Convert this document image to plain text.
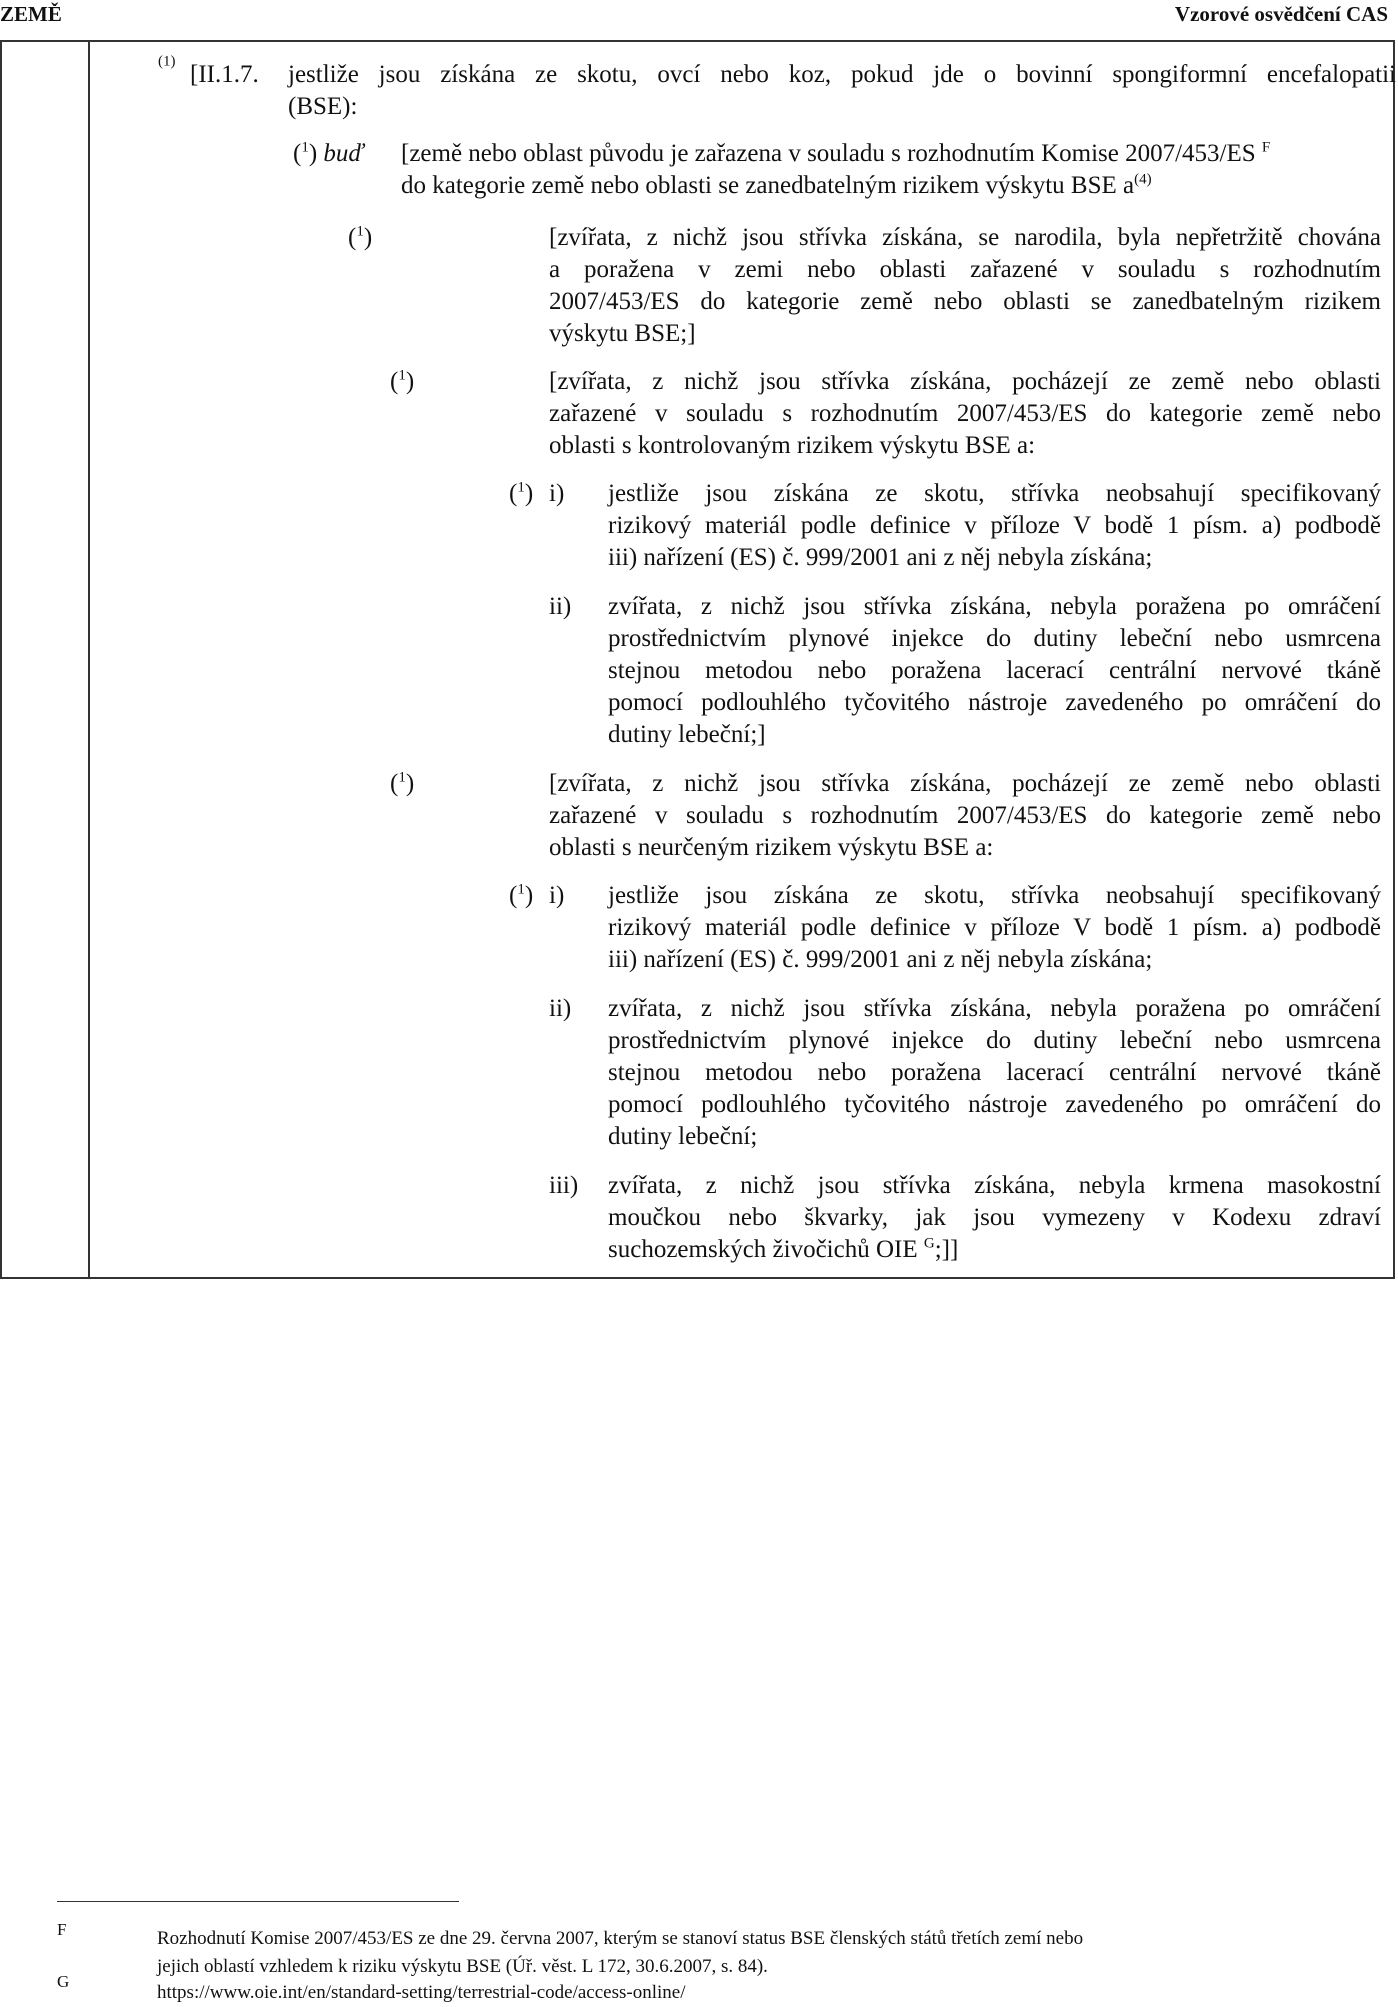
ZEMĚ	Vzorové osvědčení CAS
$^{(1)}$ [II.1.7. jestliže jsou získána ze skotu, ovcí nebo koz, pokud jde o bovinní spongiformní encefalopatii
(BSE):
($^1$) buď [země nebo oblast původu je zařazena v souladu s rozhodnutím Komise 2007/453/ES $^F$
do kategorie země nebo oblasti se zanedbatelným rizikem výskytu BSE $a^{(4)}$
($^1$)	[zvířata, z nichž jsou střívka získána, se narodila, byla nepřetržitě chována
a poražena v zemi nebo oblasti zařazené v souladu s rozhodnutím
2007/453/ES do kategorie země nebo oblasti se zanedbatelným rizikem
výskytu BSE;]
($^1$)	[zvířata, z nichž jsou střívka získána, pocházejí ze země nebo oblasti
zařazené v souladu s rozhodnutím 2007/453/ES do kategorie země nebo
oblasti s kontrolovaným rizikem výskytu BSE a:
($^1$) i) jestliže jsou získána ze skotu, střívka neobsahují specifikovaný
rizikový materiál podle definice v příloze V bodě 1 písm. a) podbodě
iii) nařízení (ES) č. 999/2001 ani z něj nebyla získána;
ii) zvířata, z nichž jsou střívka získána, nebyla poražena po omráčení
prostřednictvím plynové injekce do dutiny lebeční nebo usmrcena
stejnou metodou nebo poražena lacerací centrální nervové tkáně
pomocí podlouhlého tyčovitého nástroje zavedeného po omráčení do
dutiny lebeční;]
($^1$)	[zvířata, z nichž jsou střívka získána, pocházejí ze země nebo oblasti
zařazené v souladu s rozhodnutím 2007/453/ES do kategorie země nebo
oblasti s neurčeným rizikem výskytu BSE a:
($^1$) i) jestliže jsou získána ze skotu, střívka neobsahují specifikovaný
rizikový materiál podle definice v příloze V bodě 1 písm. a) podbodě
iii) nařízení (ES) č. 999/2001 ani z něj nebyla získána;
ii) zvířata, z nichž jsou střívka získána, nebyla poražena po omráčení
prostřednictvím plynové injekce do dutiny lebeční nebo usmrcena
stejnou metodou nebo poražena lacerací centrální nervové tkáně
pomocí podlouhlého tyčovitého nástroje zavedeného po omráčení do
dutiny lebeční;
iii) zvířata, z nichž jsou střívka získána, nebyla krmena masokostní
moučkou nebo škvarky, jak jsou vymezeny v Kodexu zdraví
suchozemských živočichů OIE $^G$;]]
F	Rozhodnutí Komise 2007/453/ES ze dne 29. června 2007, kterým se stanoví status BSE členských států třetích zemí nebo
jejich oblastí vzhledem k riziku výskytu BSE (Úř. věst. L 172, 30.6.2007, s. 84).
G
https://www.oie.int/en/standard-setting/terrestrial-code/access-online/
